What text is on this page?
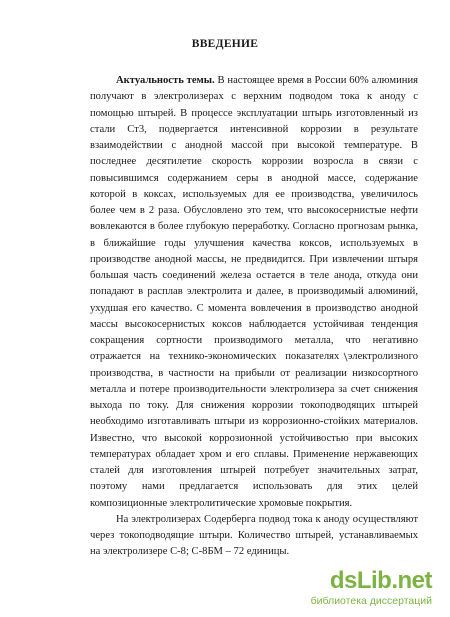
ВВЕДЕНИЕ

Актуальность темы. В настоящее время в России 60% алюминия получают в электролизерах с верхним подводом тока к аноду с помощью штырей. В процессе эксплуатации штырь изготовленный из стали Ст3, подвергается интенсивной коррозии в результате взаимодействии с анодной массой при высокой температуре. В последнее десятилетие скорость коррозии возросла в связи с повысившимся содержанием серы в анодной массе, содержание которой в коксах, используемых для ее производства, увеличилось более чем в 2 раза. Обусловлено это тем, что высокосернистые нефти вовлекаются в более глубокую переработку. Согласно прогнозам рынка, в ближайшие годы улучшения качества коксов, используемых в производстве анодной массы, не предвидится. При извлечении штыря большая часть соединений железа остается в теле анода, откуда они попадают в расплав электролита и далее, в производимый алюминий, ухудшая его качество. С момента вовлечения в производство анодной массы высокосернистых коксов наблюдается устойчивая тенденция сокращения сортности производимого металла, что негативно отражается на технико-экономических показателях электролизного производства, в частности на прибыли от реализации низкосортного металла и потере производительности электролизера за счет снижения выхода по току. Для снижения коррозии токоподводящих штырей необходимо изготавливать штыри из коррозионно-стойких материалов. Известно, что высокой коррозионной устойчивостью при высоких температурах обладает хром и его сплавы. Применение нержавеющих сталей для изготовления штырей потребует значительных затрат, поэтому нами предлагается использовать для этих целей композиционные электролитические хромовые покрытия.

На электролизерах Содерберга подвод тока к аноду осуществляют через токоподводящие штыри. Количество штырей, устанавливаемых на электролизере С-8; С-8БМ – 72 единицы.

dsLib.net
библиотека диссертаций
